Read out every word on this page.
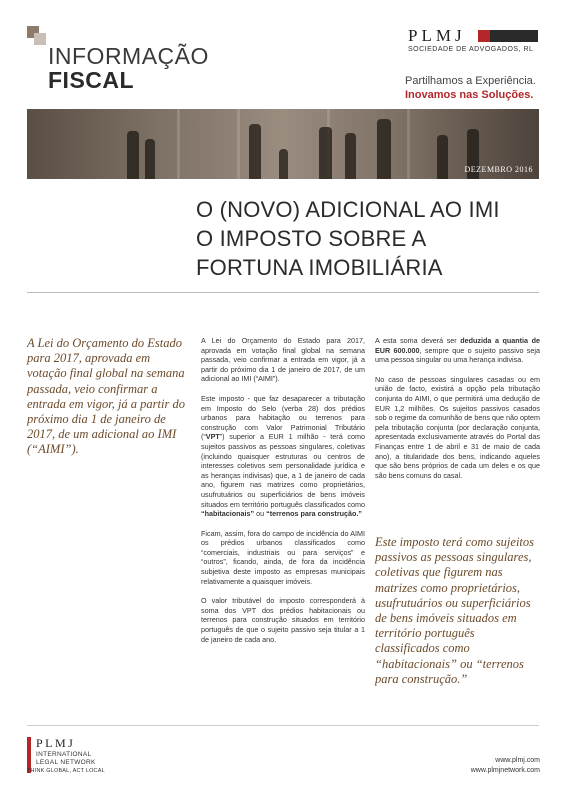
INFORMAÇÃO
FISCAL
PLMJ
SOCIEDADE DE ADVOGADOS, RL
Partilhamos a Experiência.
Inovamos nas Soluções.
DEZEMBRO 2016
O (NOVO) ADICIONAL AO IMI
O IMPOSTO SOBRE A
FORTUNA IMOBILIÁRIA
A Lei do Orçamento do Estado para 2017, aprovada em votação final global na semana passada, veio confirmar a entrada em vigor, já a partir do próximo dia 1 de janeiro de 2017, de um adicional ao IMI (“AIMI”).

A Lei do Orçamento do Estado para 2017, aprovada em votação final global na semana passada, veio confirmar a entrada em vigor, já a partir do próximo dia 1 de janeiro de 2017, de um adicional ao IMI (“AIMI”).

Este imposto - que faz desaparecer a tributação em Imposto do Selo (verba 28) dos prédios urbanos para habitação ou terrenos para construção com Valor Patrimonial Tributário (“VPT”) superior a EUR 1 milhão - terá como sujeitos passivos as pessoas singulares, coletivas (incluindo quaisquer estruturas ou centros de interesses coletivos sem personalidade jurídica e as heranças indivisas) que, a 1 de janeiro de cada ano, figurem nas matrizes como proprietários, usufrutuários ou superficiários de bens imóveis situados em território português classificados como “habitacionais” ou “terrenos para construção.”

Ficam, assim, fora do campo de incidência do AIMI os prédios urbanos classificados como “comerciais, industriais ou para serviços” e “outros”, ficando, ainda, de fora da incidência subjetiva deste imposto as empresas municipais relativamente a quaisquer imóveis.

O valor tributável do imposto corresponderá à soma dos VPT dos prédios habitacionais ou terrenos para construção situados em território português de que o sujeito passivo seja titular a 1 de janeiro de cada ano.

A esta soma deverá ser deduzida a quantia de EUR 600.000, sempre que o sujeito passivo seja uma pessoa singular ou uma herança indivisa.

No caso de pessoas singulares casadas ou em união de facto, existirá a opção pela tributação conjunta do AIMI, o que permitirá uma dedução de EUR 1,2 milhões. Os sujeitos passivos casados sob o regime da comunhão de bens que não optem pela tributação conjunta (por declaração conjunta, apresentada exclusivamente através do Portal das Finanças entre 1 de abril e 31 de maio de cada ano), a titularidade dos bens, indicando aqueles que são bens próprios de cada um deles e os que são bens comuns do casal.

Este imposto terá como sujeitos passivos as pessoas singulares, coletivas que figurem nas matrizes como proprietários, usufrutuários ou superficiários de bens imóveis situados em território português classificados como “habitacionais” ou “terrenos para construção.”
PLMJ
INTERNATIONAL
LEGAL NETWORK
THINK GLOBAL, ACT LOCAL
www.plmj.com
www.plmjnetwork.com
